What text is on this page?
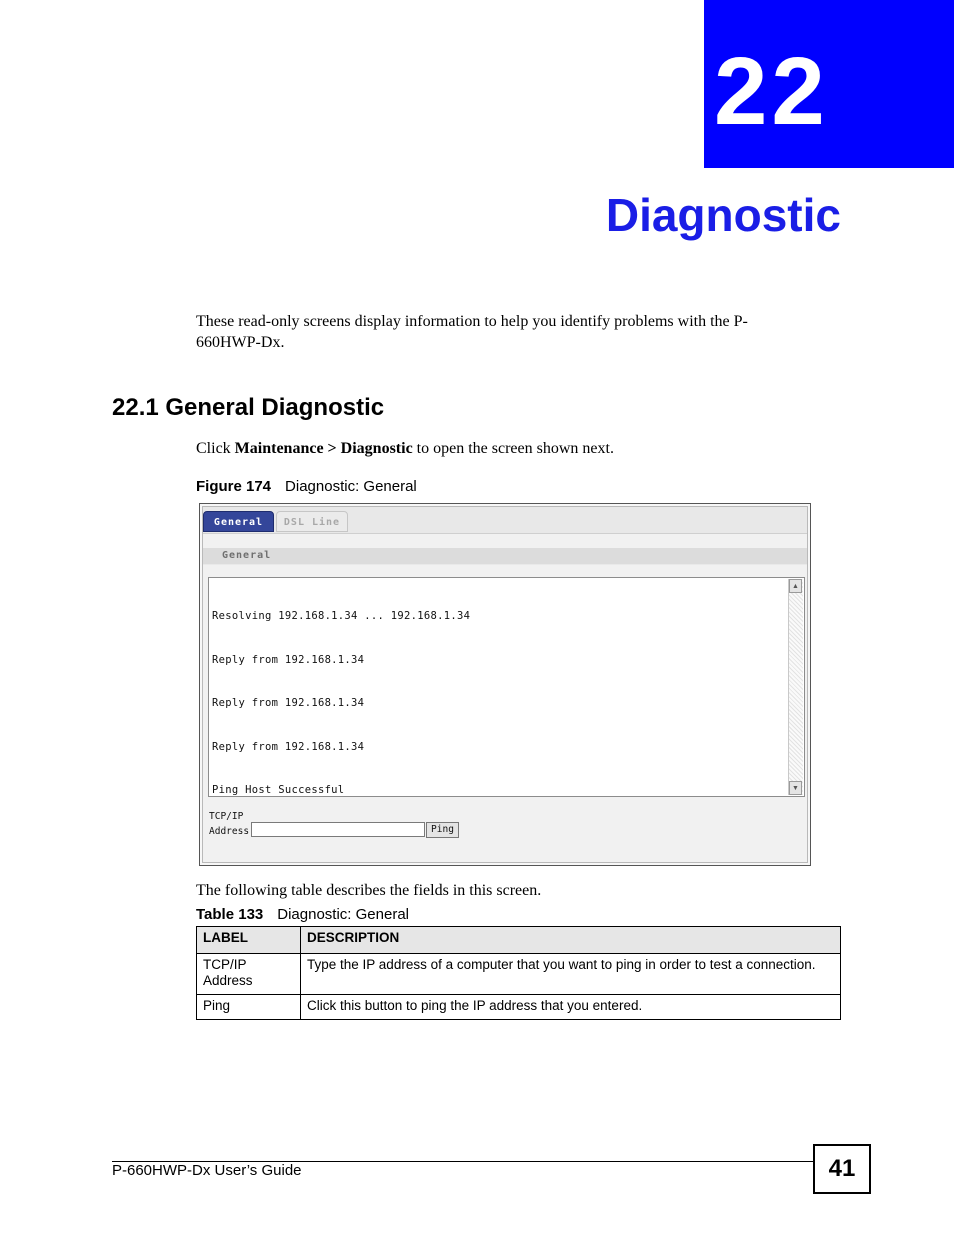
22
Diagnostic
These read-only screens display information to help you identify problems with the P-660HWP-Dx.
22.1 General Diagnostic
Click Maintenance > Diagnostic to open the screen shown next.
Figure 174 Diagnostic: General
General	DSL Line
General

Resolving 192.168.1.34 ... 192.168.1.34

Reply from 192.168.1.34

Reply from 192.168.1.34

Reply from 192.168.1.34

Ping Host Successful

▲
▼
TCP/IP
Address	Ping
The following table describes the fields in this screen.
Table 133 Diagnostic: General
LABEL	DESCRIPTION
TCP/IP
Address	Type the IP address of a computer that you want to ping in order to test a connection.
Ping	Click this button to ping the IP address that you entered.
P-660HWP-Dx User’s Guide	41
